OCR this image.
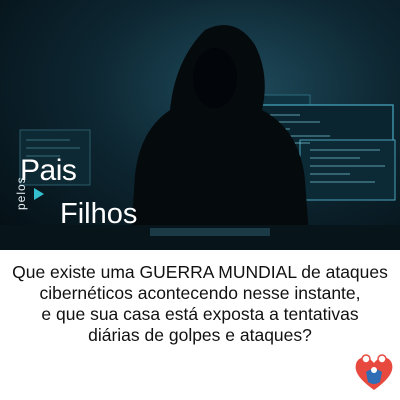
Pais
pelos
Filhos
Que existe uma GUERRA MUNDIAL de ataques
cibernéticos acontecendo nesse instante,
e que sua casa está exposta a tentativas
diárias de golpes e ataques?
